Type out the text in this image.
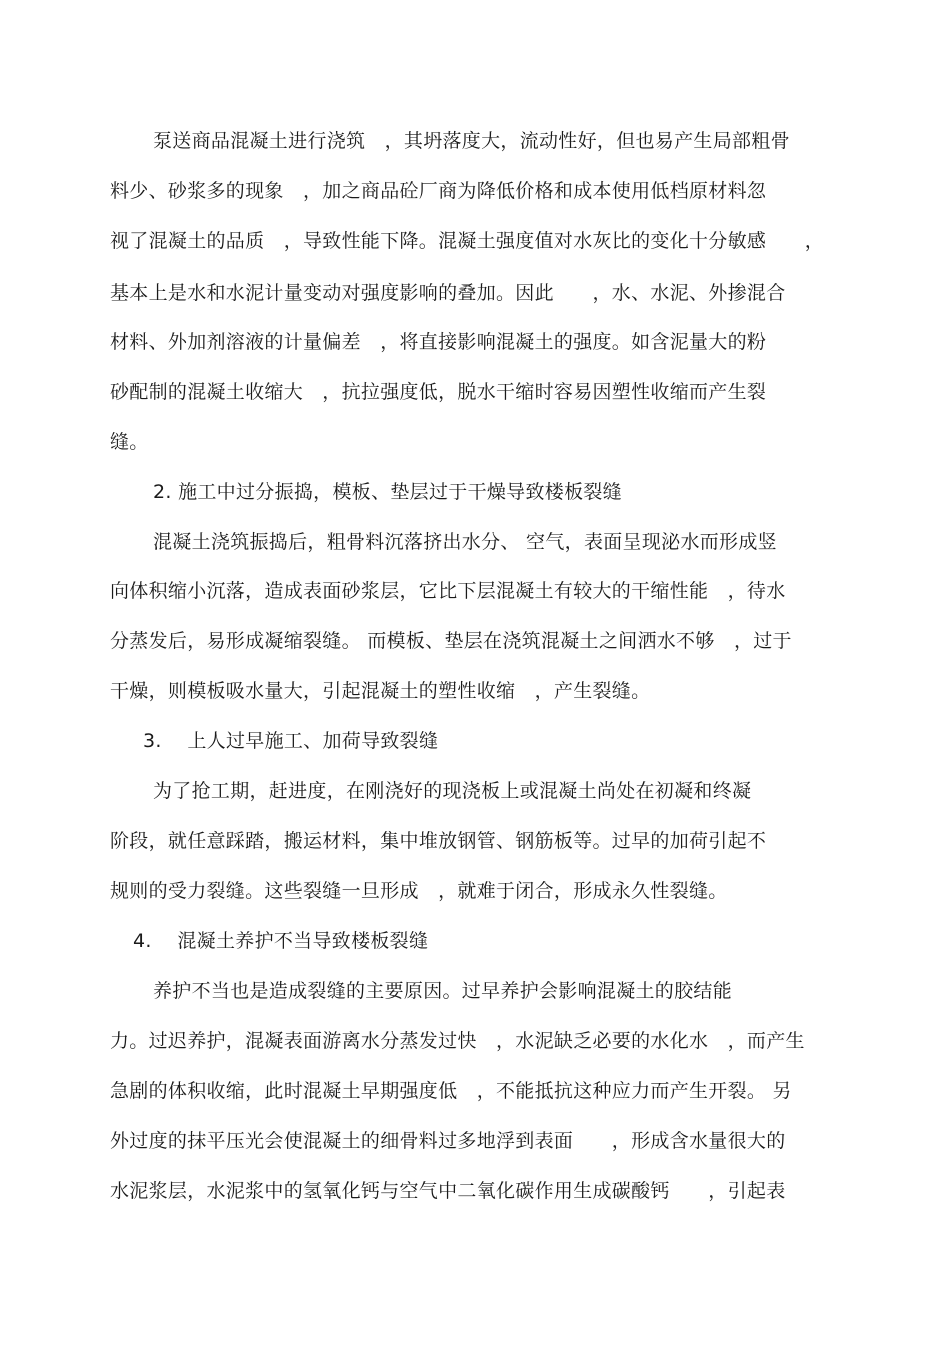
泵送商品混凝土进行浇筑　，其坍落度大，流动性好，但也易产生局部粗骨
料少、砂浆多的现象　，加之商品砼厂商为降低价格和成本使用低档原材料忽
视了混凝土的品质　，导致性能下降。混凝土强度值对水灰比的变化十分敏感　　，
基本上是水和水泥计量变动对强度影响的叠加。因此　　，水、水泥、外掺混合
材料、外加剂溶液的计量偏差　，将直接影响混凝土的强度。如含泥量大的粉
砂配制的混凝土收缩大　，抗拉强度低，脱水干缩时容易因塑性收缩而产生裂
缝。
2. 施工中过分振捣，模板、垫层过于干燥导致楼板裂缝
混凝土浇筑振捣后，粗骨料沉落挤出水分、 空气，表面呈现泌水而形成竖
向体积缩小沉落，造成表面砂浆层，它比下层混凝土有较大的干缩性能　，待水
分蒸发后，易形成凝缩裂缝。 而模板、垫层在浇筑混凝土之间洒水不够　，过于
干燥，则模板吸水量大，引起混凝土的塑性收缩　，产生裂缝。
3.　 上人过早施工、加荷导致裂缝
为了抢工期，赶进度，在刚浇好的现浇板上或混凝土尚处在初凝和终凝
阶段，就任意踩踏，搬运材料，集中堆放钢管、钢筋板等。过早的加荷引起不
规则的受力裂缝。这些裂缝一旦形成　，就难于闭合，形成永久性裂缝。
4.　 混凝土养护不当导致楼板裂缝
养护不当也是造成裂缝的主要原因。过早养护会影响混凝土的胶结能
力。过迟养护，混凝表面游离水分蒸发过快　，水泥缺乏必要的水化水　，而产生
急剧的体积收缩，此时混凝土早期强度低　，不能抵抗这种应力而产生开裂。 另
外过度的抹平压光会使混凝土的细骨料过多地浮到表面　　，形成含水量很大的
水泥浆层，水泥浆中的氢氧化钙与空气中二氧化碳作用生成碳酸钙　　，引起表
